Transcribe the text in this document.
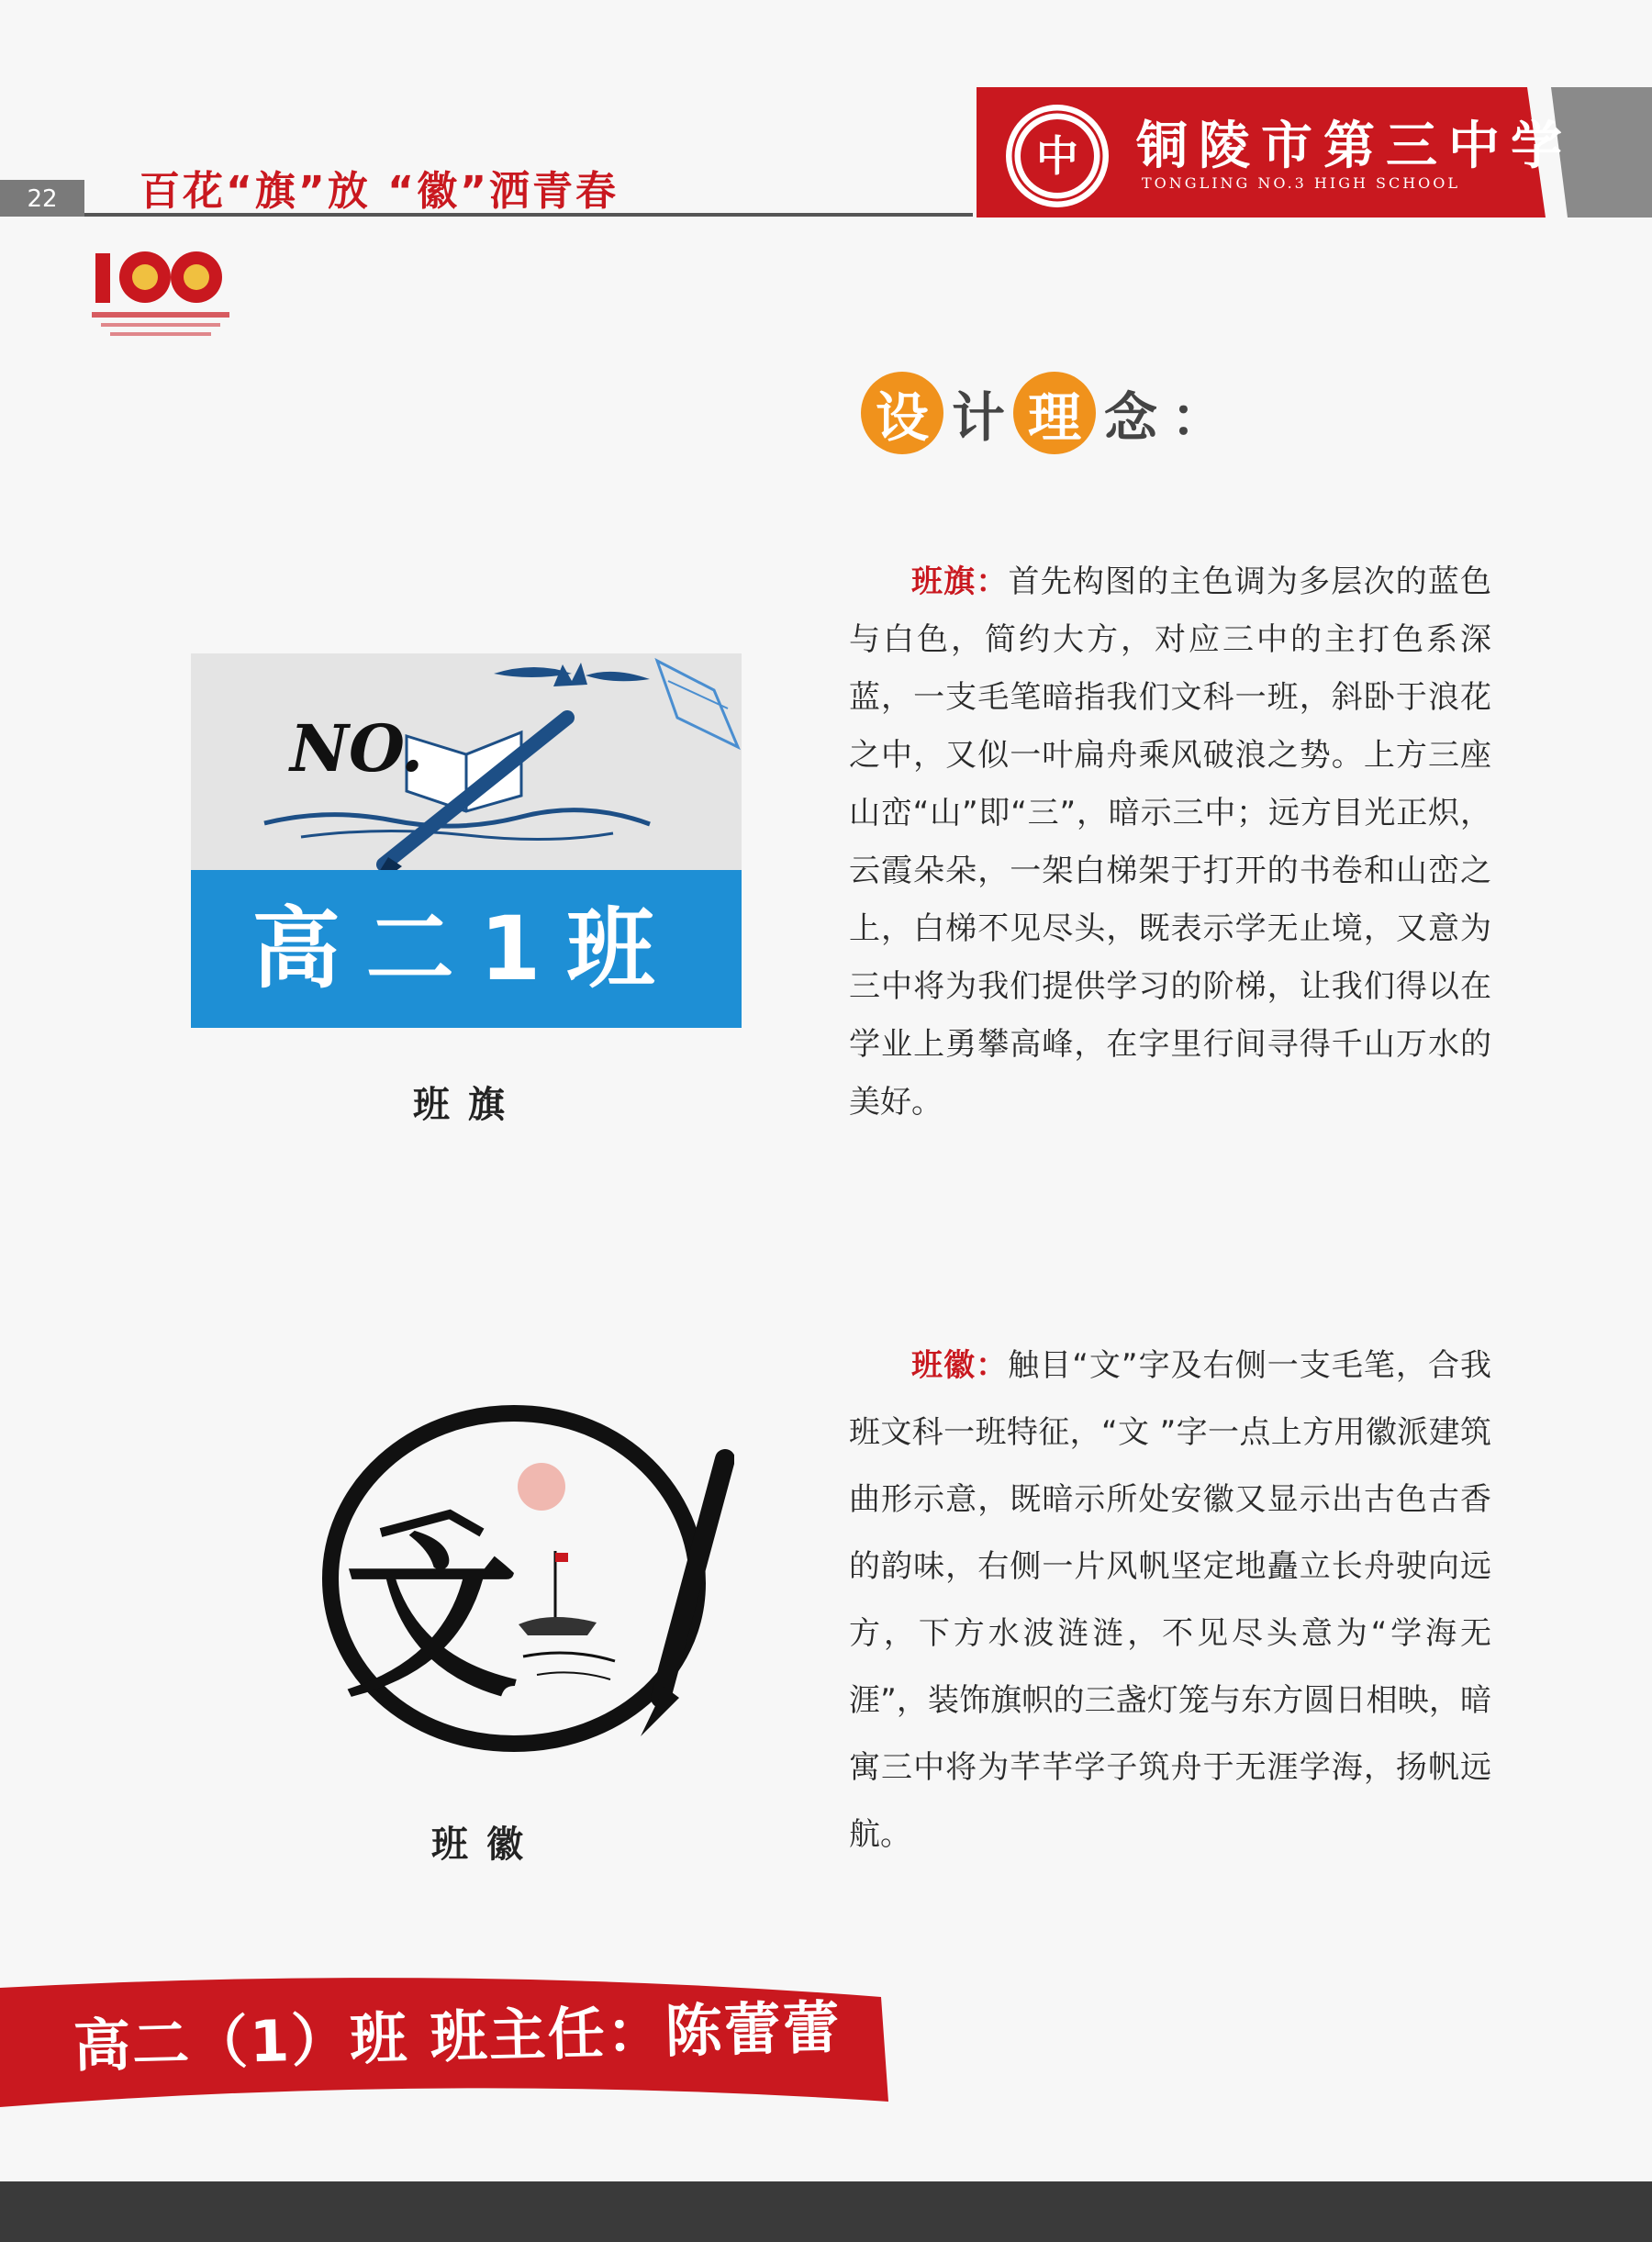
22	百花“旗”放 “徽”洒青春
中 铜陵市第三中学
TONGLING NO.3 HIGH SCHOOL
设 计 理 念 ：
班旗：首先构图的主色调为多层次的蓝色与白色，简约大方，对应三中的主打色系深蓝，一支毛笔暗指我们文科一班，斜卧于浪花之中，又似一叶扁舟乘风破浪之势。上方三座山峦“山”即“三”，暗示三中；远方目光正炽，云霞朵朵，一架白梯架于打开的书卷和山峦之上，白梯不见尽头，既表示学无止境，又意为三中将为我们提供学习的阶梯，让我们得以在学业上勇攀高峰，在字里行间寻得千山万水的美好。
NO.
高二1班
班旗
班徽：触目“文”字及右侧一支毛笔，合我班文科一班特征，“文 ”字一点上方用徽派建筑曲形示意，既暗示所处安徽又显示出古色古香的韵味，右侧一片风帆坚定地矗立长舟驶向远方，下方水波涟涟，不见尽头意为“学海无涯”，装饰旗帜的三盏灯笼与东方圆日相映，暗寓三中将为芊芊学子筑舟于无涯学海，扬帆远航。
文
班徽
高二（1）班 班主任：陈蕾蕾
